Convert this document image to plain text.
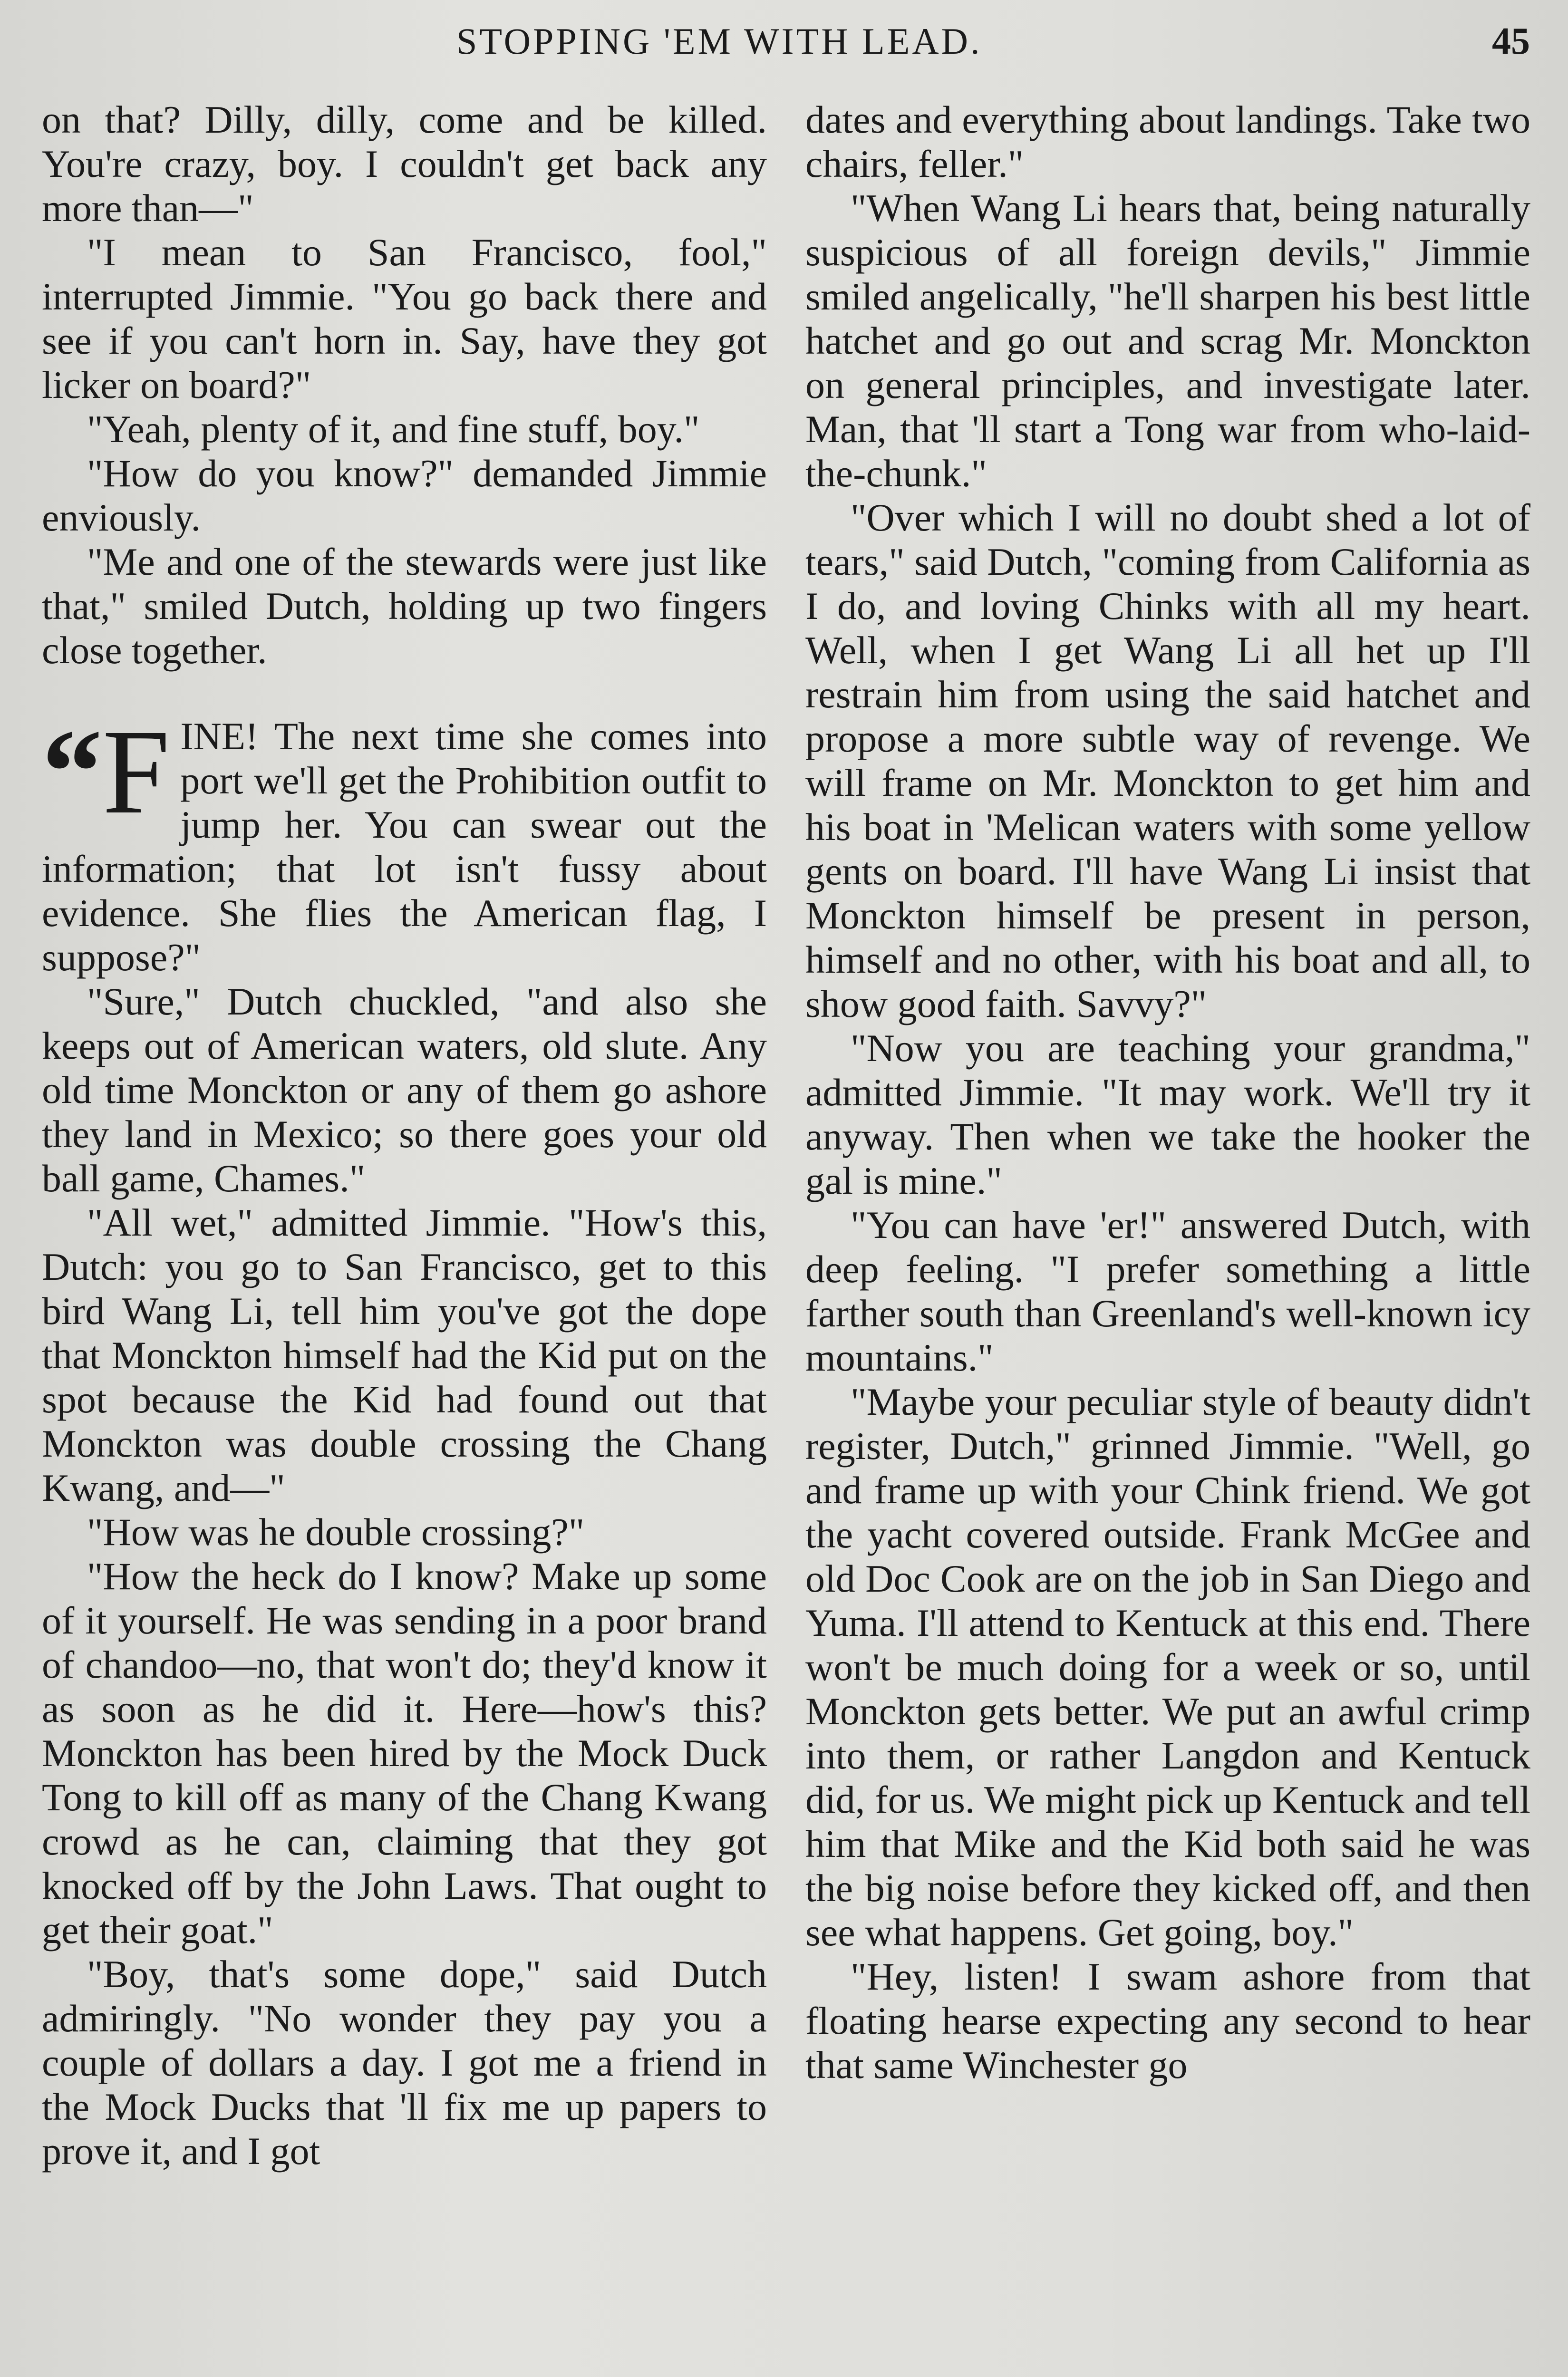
STOPPING 'EM WITH LEAD.	45

on that? Dilly, dilly, come and be killed. You're crazy, boy. I couldn't get back any more than—"

"I mean to San Francisco, fool," interrupted Jimmie. "You go back there and see if you can't horn in. Say, have they got licker on board?"

"Yeah, plenty of it, and fine stuff, boy."

"How do you know?" demanded Jimmie enviously.

"Me and one of the stewards were just like that," smiled Dutch, holding up two fingers close together.

“F INE! The next time she comes into port we'll get the Prohibition outfit to jump her. You can swear out the information; that lot isn't fussy about evidence. She flies the American flag, I suppose?"

"Sure," Dutch chuckled, "and also she keeps out of American waters, old slute. Any old time Monckton or any of them go ashore they land in Mexico; so there goes your old ball game, Chames."

"All wet," admitted Jimmie. "How's this, Dutch: you go to San Francisco, get to this bird Wang Li, tell him you've got the dope that Monckton himself had the Kid put on the spot because the Kid had found out that Monckton was double crossing the Chang Kwang, and—"

"How was he double crossing?"

"How the heck do I know? Make up some of it yourself. He was sending in a poor brand of chandoo—no, that won't do; they'd know it as soon as he did it. Here—how's this? Monckton has been hired by the Mock Duck Tong to kill off as many of the Chang Kwang crowd as he can, claiming that they got knocked off by the John Laws. That ought to get their goat."

"Boy, that's some dope," said Dutch admiringly. "No wonder they pay you a couple of dollars a day. I got me a friend in the Mock Ducks that 'll fix me up papers to prove it, and I got

dates and everything about landings. Take two chairs, feller."

"When Wang Li hears that, being naturally suspicious of all foreign devils," Jimmie smiled angelically, "he'll sharpen his best little hatchet and go out and scrag Mr. Monckton on general principles, and investigate later. Man, that 'll start a Tong war from who-laid-the-chunk."

"Over which I will no doubt shed a lot of tears," said Dutch, "coming from California as I do, and loving Chinks with all my heart. Well, when I get Wang Li all het up I'll restrain him from using the said hatchet and propose a more subtle way of revenge. We will frame on Mr. Monckton to get him and his boat in 'Melican waters with some yellow gents on board. I'll have Wang Li insist that Monckton himself be present in person, himself and no other, with his boat and all, to show good faith. Savvy?"

"Now you are teaching your grandma," admitted Jimmie. "It may work. We'll try it anyway. Then when we take the hooker the gal is mine."

"You can have 'er!" answered Dutch, with deep feeling. "I prefer something a little farther south than Greenland's well-known icy mountains."

"Maybe your peculiar style of beauty didn't register, Dutch," grinned Jimmie. "Well, go and frame up with your Chink friend. We got the yacht covered outside. Frank McGee and old Doc Cook are on the job in San Diego and Yuma. I'll attend to Kentuck at this end. There won't be much doing for a week or so, until Monckton gets better. We put an awful crimp into them, or rather Langdon and Kentuck did, for us. We might pick up Kentuck and tell him that Mike and the Kid both said he was the big noise before they kicked off, and then see what happens. Get going, boy."

"Hey, listen! I swam ashore from that floating hearse expecting any second to hear that same Winchester go
